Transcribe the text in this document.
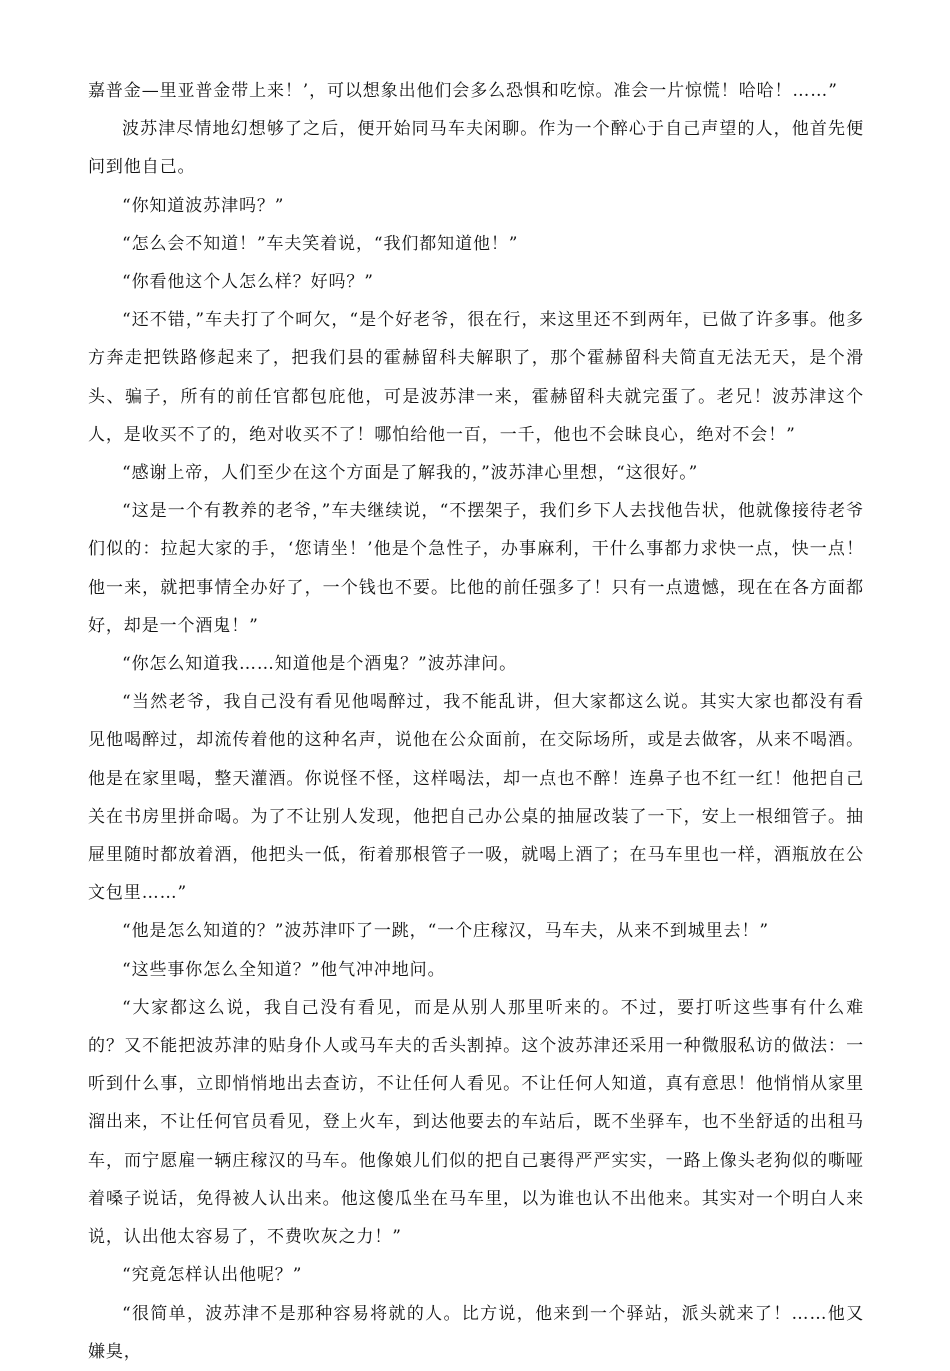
嘉普金—里亚普金带上来！’，可以想象出他们会多么恐惧和吃惊。准会一片惊慌！哈哈！……”

波苏津尽情地幻想够了之后，便开始同马车夫闲聊。作为一个醉心于自己声望的人，他首先便问到他自己。

“你知道波苏津吗？”

“怎么会不知道！”车夫笑着说，“我们都知道他！”

“你看他这个人怎么样？好吗？”

“还不错，”车夫打了个呵欠，“是个好老爷，很在行，来这里还不到两年，已做了许多事。他多方奔走把铁路修起来了，把我们县的霍赫留科夫解职了，那个霍赫留科夫简直无法无天，是个滑头、骗子，所有的前任官都包庇他，可是波苏津一来，霍赫留科夫就完蛋了。老兄！波苏津这个人，是收买不了的，绝对收买不了！哪怕给他一百，一千，他也不会昧良心，绝对不会！”

“感谢上帝，人们至少在这个方面是了解我的，”波苏津心里想，“这很好。”

“这是一个有教养的老爷，”车夫继续说，“不摆架子，我们乡下人去找他告状，他就像接待老爷们似的：拉起大家的手，‘您请坐！’他是个急性子，办事麻利，干什么事都力求快一点，快一点！他一来，就把事情全办好了，一个钱也不要。比他的前任强多了！只有一点遗憾，现在在各方面都好，却是一个酒鬼！”

“你怎么知道我……知道他是个酒鬼？”波苏津问。

“当然老爷，我自己没有看见他喝醉过，我不能乱讲，但大家都这么说。其实大家也都没有看见他喝醉过，却流传着他的这种名声，说他在公众面前，在交际场所，或是去做客，从来不喝酒。他是在家里喝，整天灌酒。你说怪不怪，这样喝法，却一点也不醉！连鼻子也不红一红！他把自己关在书房里拼命喝。为了不让别人发现，他把自己办公桌的抽屉改装了一下，安上一根细管子。抽屉里随时都放着酒，他把头一低，衔着那根管子一吸，就喝上酒了；在马车里也一样，酒瓶放在公文包里……”

“他是怎么知道的？”波苏津吓了一跳，“一个庄稼汉，马车夫，从来不到城里去！”

“这些事你怎么全知道？”他气冲冲地问。

“大家都这么说，我自己没有看见，而是从别人那里听来的。不过，要打听这些事有什么难的？又不能把波苏津的贴身仆人或马车夫的舌头割掉。这个波苏津还采用一种微服私访的做法：一听到什么事，立即悄悄地出去查访，不让任何人看见。不让任何人知道，真有意思！他悄悄从家里溜出来，不让任何官员看见，登上火车，到达他要去的车站后，既不坐驿车，也不坐舒适的出租马车，而宁愿雇一辆庄稼汉的马车。他像娘儿们似的把自己裹得严严实实，一路上像头老狗似的嘶哑着嗓子说话，免得被人认出来。他这傻瓜坐在马车里，以为谁也认不出他来。其实对一个明白人来说，认出他太容易了，不费吹灰之力！”

“究竟怎样认出他呢？”

“很简单，波苏津不是那种容易将就的人。比方说，他来到一个驿站，派头就来了！……他又嫌臭，
